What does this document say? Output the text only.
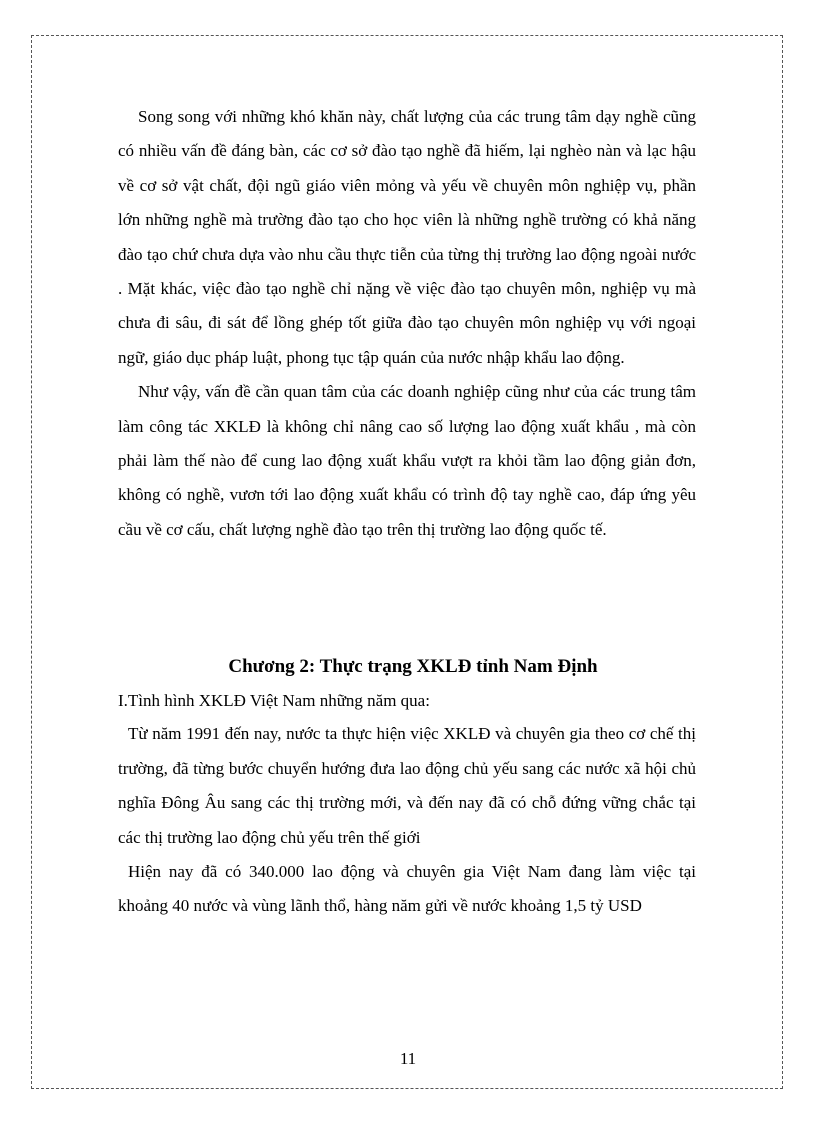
Song song với những khó khăn này, chất lượng của các trung tâm dạy nghề cũng có nhiều vấn đề đáng bàn, các cơ sở đào tạo nghề đã hiếm, lại nghèo nàn và lạc hậu về cơ sở vật chất, đội ngũ giáo viên mỏng và yếu về chuyên môn nghiệp vụ, phần lớn những nghề mà trường đào tạo cho học viên là những nghề trường có khả năng đào tạo chứ chưa dựa vào nhu cầu thực tiễn của từng thị trường lao động ngoài nước . Mặt khác, việc đào tạo nghề chỉ nặng về việc đào tạo chuyên môn, nghiệp vụ mà chưa đi sâu, đi sát để lồng ghép tốt giữa đào tạo chuyên môn nghiệp vụ với ngoại ngữ, giáo dục pháp luật, phong tục tập quán của nước nhập khẩu lao động.

Như vậy, vấn đề cần quan tâm của các doanh nghiệp cũng như của các trung tâm làm công tác XKLĐ là không chỉ nâng cao số lượng lao động xuất khẩu , mà còn phải làm thế nào để cung lao động xuất khẩu vượt ra khỏi tầm lao động giản đơn, không có nghề, vươn tới lao động xuất khẩu có trình độ tay nghề cao, đáp ứng yêu cầu về cơ cấu, chất lượng nghề đào tạo trên thị trường lao động quốc tế.

Chương 2: Thực trạng XKLĐ tỉnh Nam Định

I.Tình hình XKLĐ Việt Nam những năm qua:

Từ năm 1991 đến nay, nước ta thực hiện việc XKLĐ và chuyên gia theo cơ chế thị trường, đã từng bước chuyển hướng đưa lao động chủ yếu sang các nước xã hội chủ nghĩa Đông Âu sang các thị trường mới, và đến nay đã có chỗ đứng vững chắc tại các thị trường lao động chủ yếu trên thế giới

Hiện nay đã có 340.000 lao động và chuyên gia Việt Nam đang làm việc tại khoảng 40 nước và vùng lãnh thổ, hàng năm gửi về nước khoảng 1,5 tỷ USD

11
